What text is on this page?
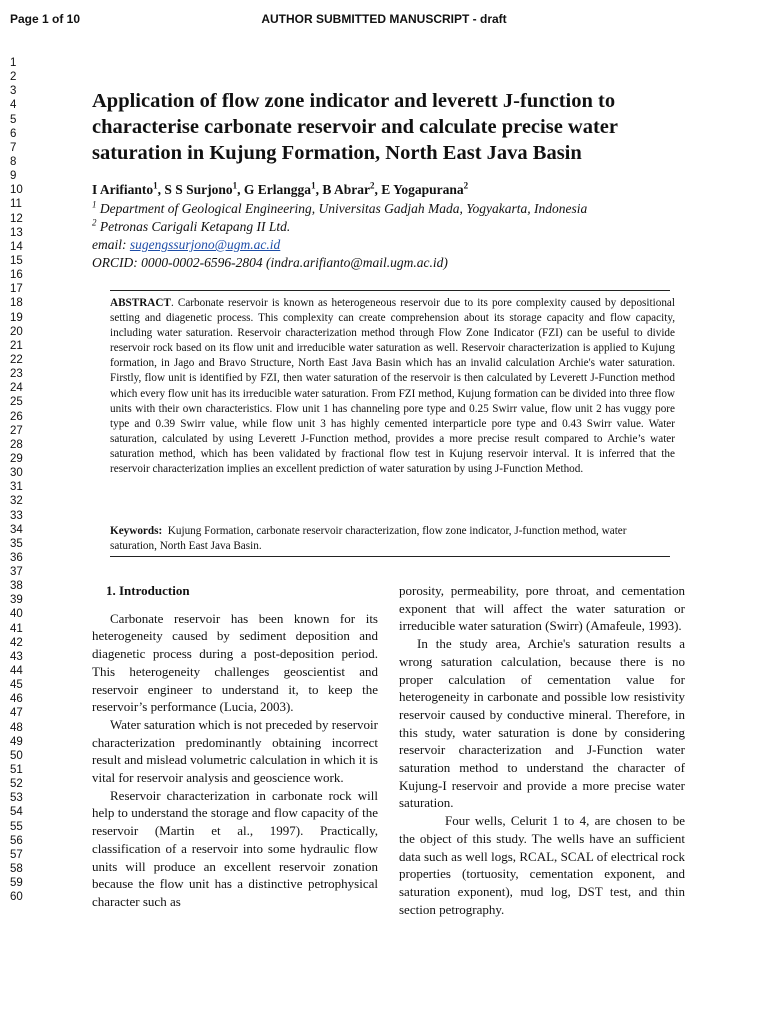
Page 1 of 10	AUTHOR SUBMITTED MANUSCRIPT - draft
1
2
3
4
5
6
7
8
9
10
11
12
13
14
15
16
17
18
19
20
21
22
23
24
25
26
27
28
29
30
31
32
33
34
35
36
37
38
39
40
41
42
43
44
45
46
47
48
49
50
51
52
53
54
55
56
57
58
59
60
Application of flow zone indicator and leverett J-function to characterise carbonate reservoir and calculate precise water saturation in Kujung Formation, North East Java Basin
I Arifianto$^1$, S S Surjono$^1$, G Erlangga$^1$, B Abrar$^2$, E Yogapurana$^2$
$^1$ Department of Geological Engineering, Universitas Gadjah Mada, Yogyakarta, Indonesia
$^2$ Petronas Carigali Ketapang II Ltd.
email: sugengssurjono@ugm.ac.id
ORCID: 0000-0002-6596-2804 (indra.arifianto@mail.ugm.ac.id)
ABSTRACT. Carbonate reservoir is known as heterogeneous reservoir due to its pore complexity caused by depositional setting and diagenetic process. This complexity can create comprehension about its storage capacity and flow capacity, including water saturation. Reservoir characterization method through Flow Zone Indicator (FZI) can be useful to divide reservoir rock based on its flow unit and irreducible water saturation as well. Reservoir characterization is applied to Kujung formation, in Jago and Bravo Structure, North East Java Basin which has an invalid calculation Archie's water saturation. Firstly, flow unit is identified by FZI, then water saturation of the reservoir is then calculated by Leverett J-Function method which every flow unit has its irreducible water saturation. From FZI method, Kujung formation can be divided into three flow units with their own characteristics. Flow unit 1 has channeling pore type and 0.25 Swirr value, flow unit 2 has vuggy pore type and 0.39 Swirr value, while flow unit 3 has highly cemented interparticle pore type and 0.43 Swirr value. Water saturation, calculated by using Leverett J-Function method, provides a more precise result compared to Archie’s water saturation method, which has been validated by fractional flow test in Kujung reservoir interval. It is inferred that the reservoir characterization implies an excellent prediction of water saturation by using J-Function Method.
Keywords: Kujung Formation, carbonate reservoir characterization, flow zone indicator, J-function method, water saturation, North East Java Basin.
1. Introduction

Carbonate reservoir has been known for its heterogeneity caused by sediment deposition and diagenetic process during a post-deposition period. This heterogeneity challenges geoscientist and reservoir engineer to understand it, to keep the reservoir’s performance (Lucia, 2003).

Water saturation which is not preceded by reservoir characterization predominantly obtaining incorrect result and mislead volumetric calculation in which it is vital for reservoir analysis and geoscience work.

Reservoir characterization in carbonate rock will help to understand the storage and flow capacity of the reservoir (Martin et al., 1997). Practically, classification of a reservoir into some hydraulic flow units will produce an excellent reservoir zonation because the flow unit has a distinctive petrophysical character such as

porosity, permeability, pore throat, and cementation exponent that will affect the water saturation or irreducible water saturation (Swirr) (Amafeule, 1993).

In the study area, Archie's saturation results a wrong saturation calculation, because there is no proper calculation of cementation value for heterogeneity in carbonate and possible low resistivity reservoir caused by conductive mineral. Therefore, in this study, water saturation is done by considering reservoir characterization and J-Function water saturation method to understand the character of Kujung-I reservoir and provide a more precise water saturation.

Four wells, Celurit 1 to 4, are chosen to be the object of this study. The wells have an sufficient data such as well logs, RCAL, SCAL of electrical rock properties (tortuosity, cementation exponent, and saturation exponent), mud log, DST test, and thin section petrography.
